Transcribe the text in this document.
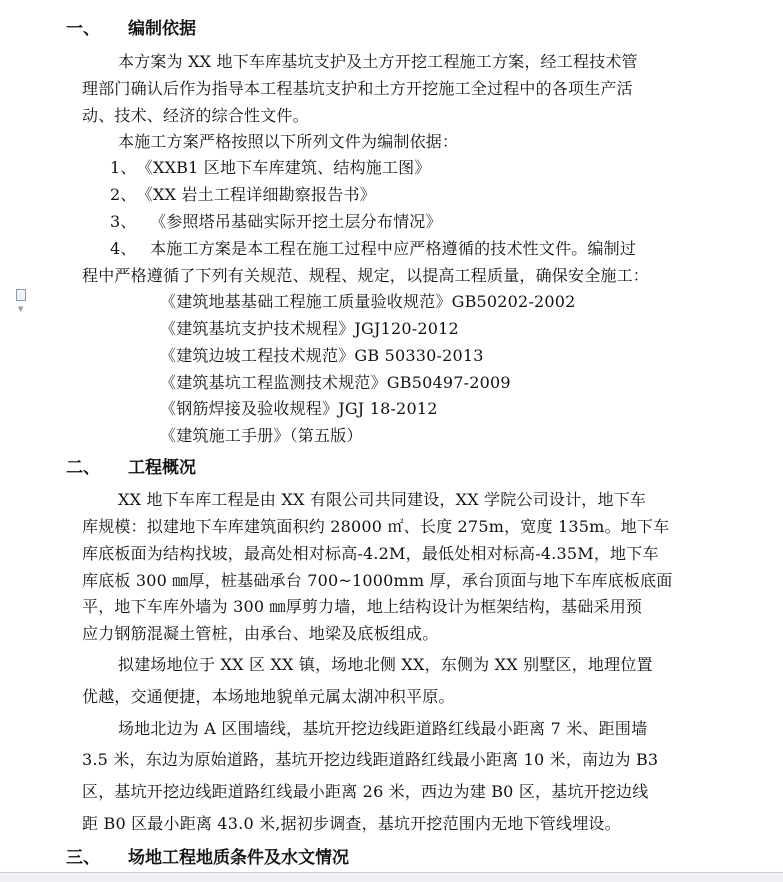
▼
一、 编制依据
本方案为 XX 地下车库基坑支护及土方开挖工程施工方案，经工程技术管
理部门确认后作为指导本工程基坑支护和土方开挖施工全过程中的各项生产活
动、技术、经济的综合性文件。
本施工方案严格按照以下所列文件为编制依据：
1、　《XXB1 区地下车库建筑、结构施工图》
2、　《XX 岩土工程详细勘察报告书》
3、　 《参照塔吊基础实际开挖土层分布情况》
4、　 本施工方案是本工程在施工过程中应严格遵循的技术性文件。编制过
程中严格遵循了下列有关规范、规程、规定，以提高工程质量，确保安全施工：
《建筑地基基础工程施工质量验收规范》GB50202-2002
《建筑基坑支护技术规程》JGJ120-2012
《建筑边坡工程技术规范》GB 50330-2013
《建筑基坑工程监测技术规范》GB50497-2009
《钢筋焊接及验收规程》JGJ 18-2012
《建筑施工手册》（第五版）
二、 工程概况
XX 地下车库工程是由 XX 有限公司共同建设，XX 学院公司设计，地下车
库规模：拟建地下车库建筑面积约 28000 ㎡、长度 275m，宽度 135m。地下车
库底板面为结构找坡，最高处相对标高-4.2M，最低处相对标高-4.35M，地下车
库底板 300 ㎜厚，桩基础承台 700~1000mm 厚，承台顶面与地下车库底板底面
平，地下车库外墙为 300 ㎜厚剪力墙，地上结构设计为框架结构，基础采用预
应力钢筋混凝土管桩，由承台、地梁及底板组成。
拟建场地位于 XX 区 XX 镇，场地北侧 XX，东侧为 XX 别墅区，地理位置
优越，交通便捷，本场地地貌单元属太湖冲积平原。
场地北边为 A 区围墙线，基坑开挖边线距道路红线最小距离 7 米、距围墙
3.5 米，东边为原始道路，基坑开挖边线距道路红线最小距离 10 米，南边为 B3
区，基坑开挖边线距道路红线最小距离 26 米，西边为建 B0 区，基坑开挖边线
距 B0 区最小距离 43.0 米,据初步调查，基坑开挖范围内无地下管线埋设。
三、 场地工程地质条件及水文情况
